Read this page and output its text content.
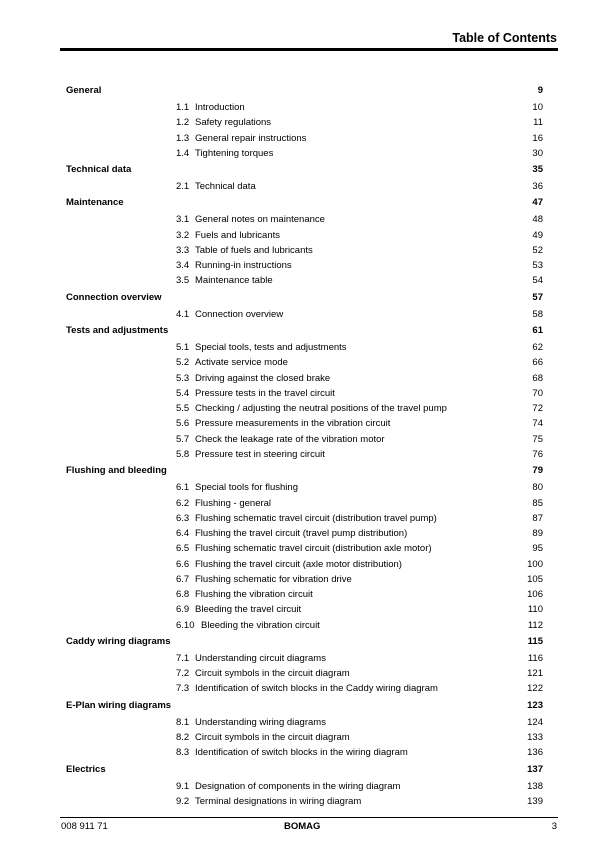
Table of Contents
General	9
1.1 Introduction	10
1.2 Safety regulations	11
1.3 General repair instructions	16
1.4 Tightening torques	30
Technical data	35
2.1 Technical data	36
Maintenance	47
3.1 General notes on maintenance	48
3.2 Fuels and lubricants	49
3.3 Table of fuels and lubricants	52
3.4 Running-in instructions	53
3.5 Maintenance table	54
Connection overview	57
4.1 Connection overview	58
Tests and adjustments	61
5.1 Special tools, tests and adjustments	62
5.2 Activate service mode	66
5.3 Driving against the closed brake	68
5.4 Pressure tests in the travel circuit	70
5.5 Checking / adjusting the neutral positions of the travel pump	72
5.6 Pressure measurements in the vibration circuit	74
5.7 Check the leakage rate of the vibration motor	75
5.8 Pressure test in steering circuit	76
Flushing and bleeding	79
6.1 Special tools for flushing	80
6.2 Flushing - general	85
6.3 Flushing schematic travel circuit (distribution travel pump)	87
6.4 Flushing the travel circuit (travel pump distribution)	89
6.5 Flushing schematic travel circuit (distribution axle motor)	95
6.6 Flushing the travel circuit (axle motor distribution)	100
6.7 Flushing schematic for vibration drive	105
6.8 Flushing the vibration circuit	106
6.9 Bleeding the travel circuit	110
6.10 Bleeding the vibration circuit	112
Caddy wiring diagrams	115
7.1 Understanding circuit diagrams	116
7.2 Circuit symbols in the circuit diagram	121
7.3 Identification of switch blocks in the Caddy wiring diagram	122
E-Plan wiring diagrams	123
8.1 Understanding wiring diagrams	124
8.2 Circuit symbols in the circuit diagram	133
8.3 Identification of switch blocks in the wiring diagram	136
Electrics	137
9.1 Designation of components in the wiring diagram	138
9.2 Terminal designations in wiring diagram	139
008 911 71	BOMAG	3
